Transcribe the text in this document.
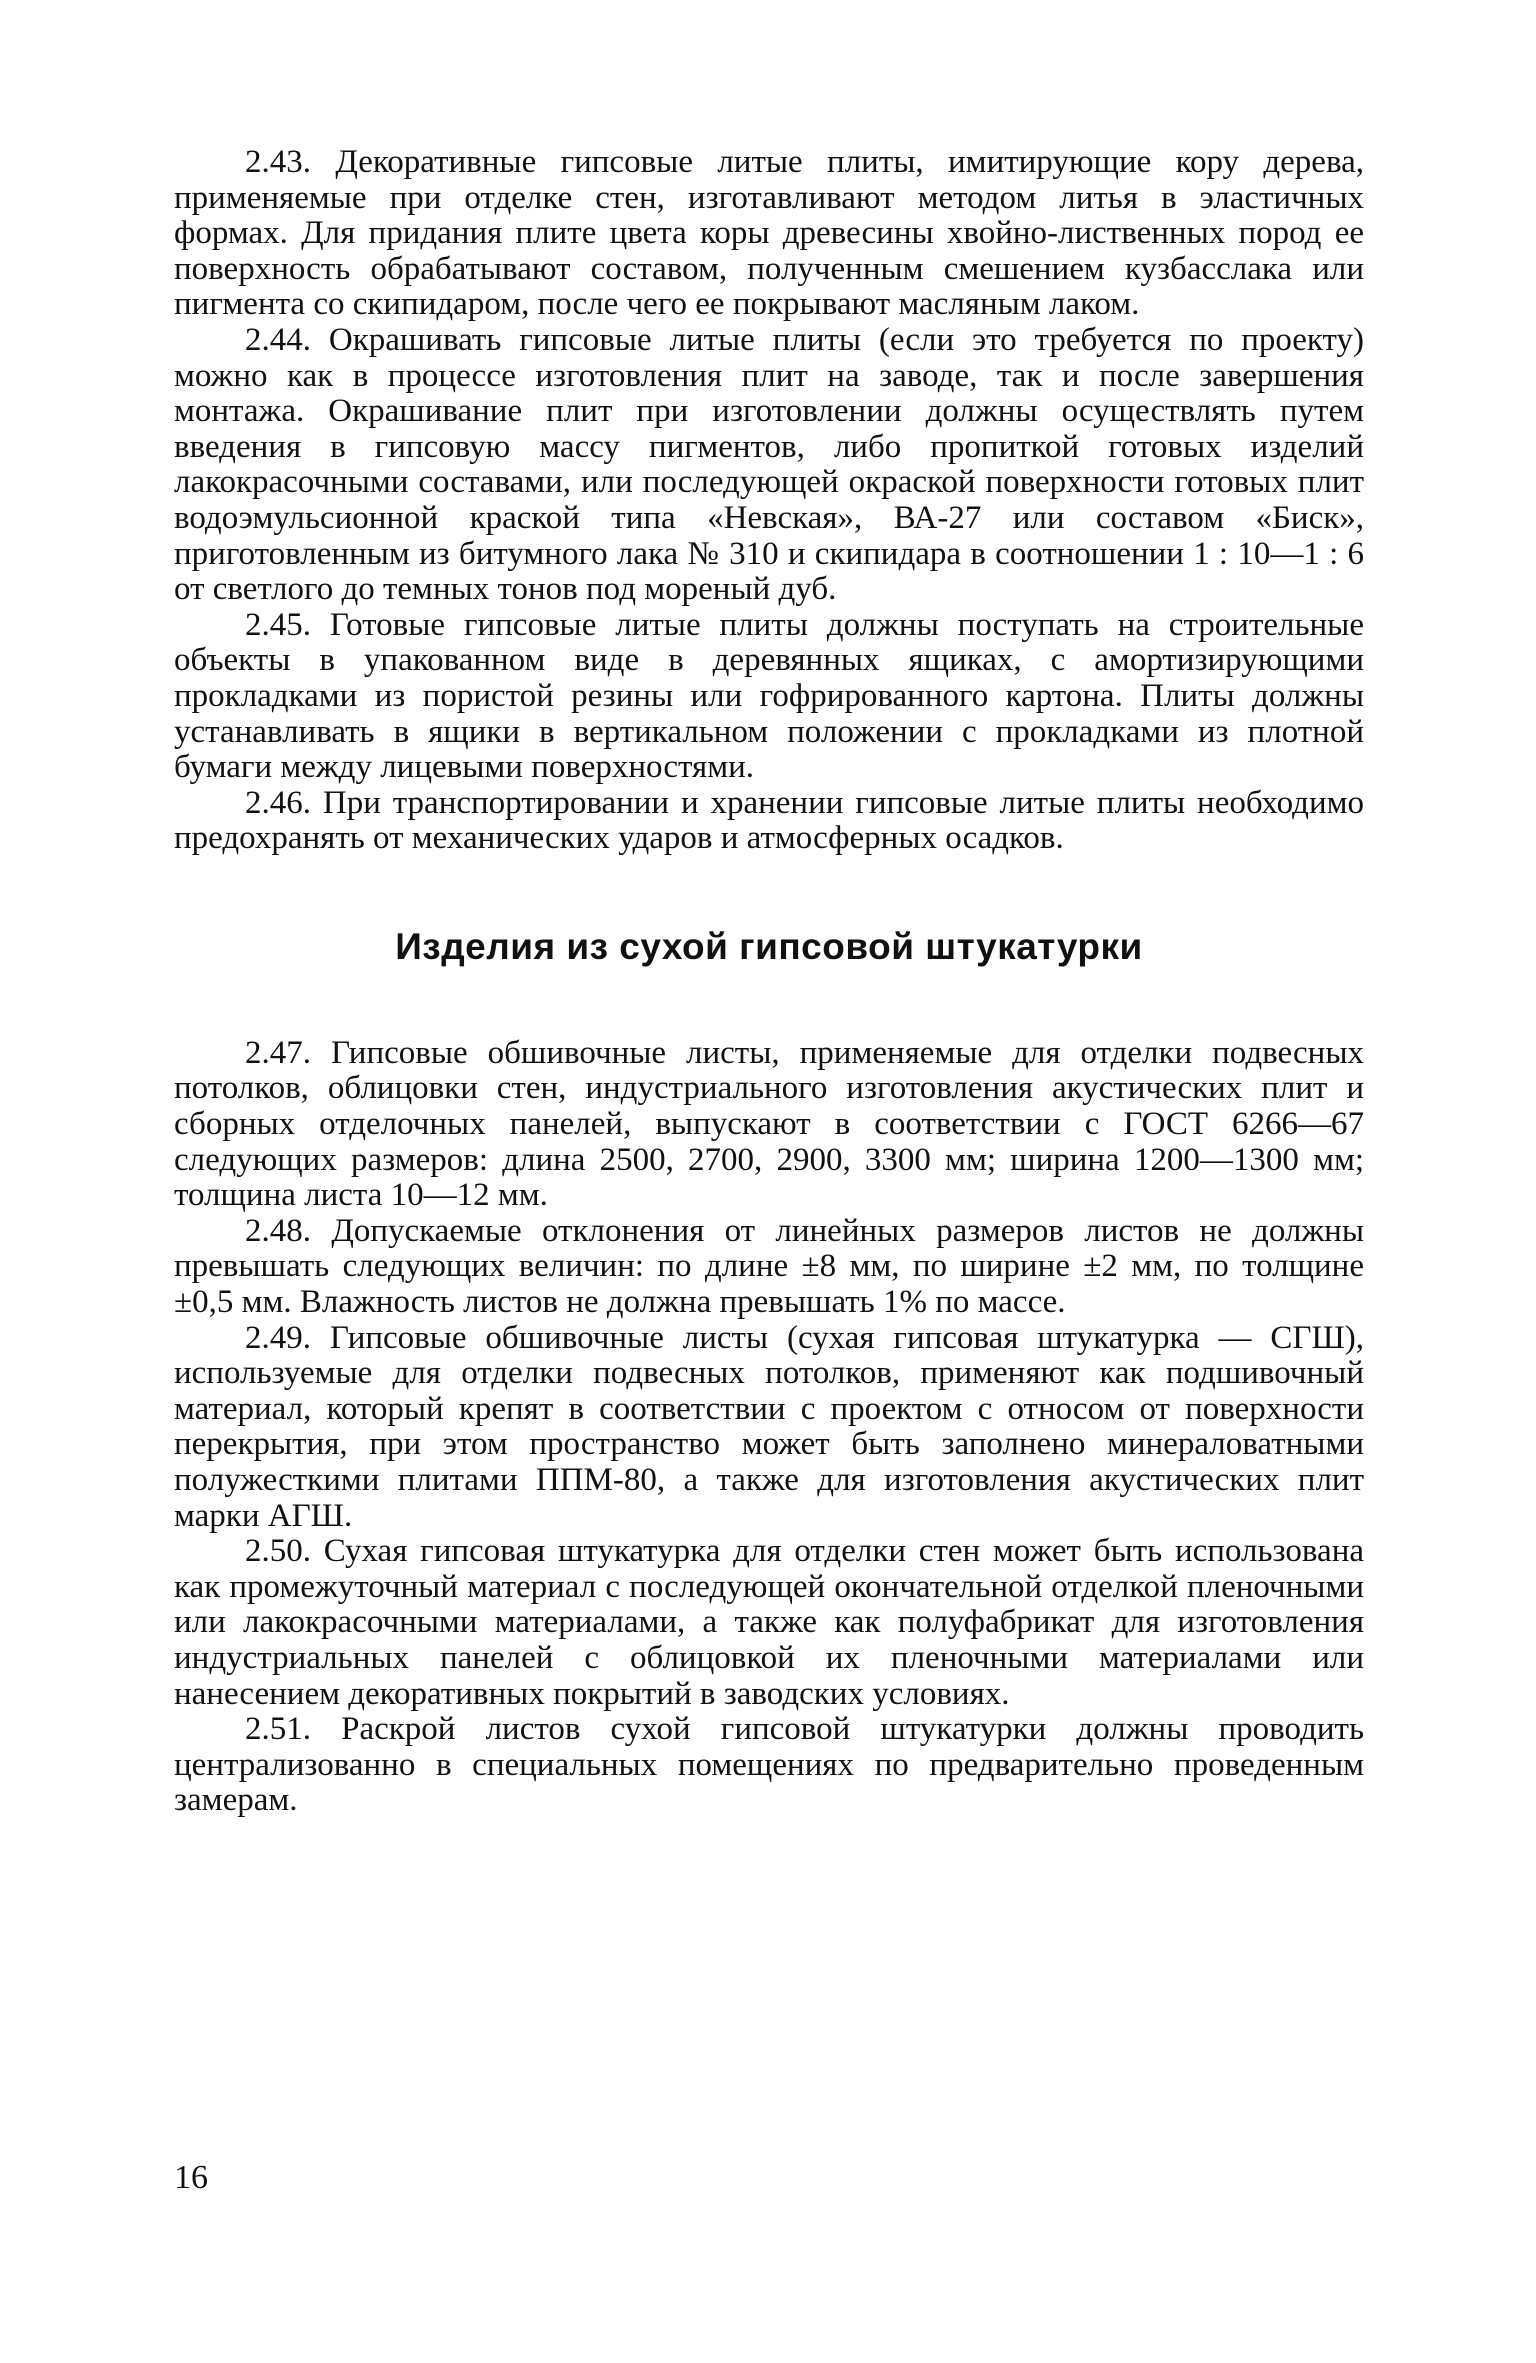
2.43. Декоративные гипсовые литые плиты, имитирующие кору дерева, применяемые при отделке стен, изготавливают методом литья в эластичных формах. Для придания плите цвета коры древесины хвойно-лиственных пород ее поверхность обрабатывают составом, полученным смешением кузбасслака или пигмента со скипидаром, после чего ее покрывают масляным лаком.

2.44. Окрашивать гипсовые литые плиты (если это требуется по проекту) можно как в процессе изготовления плит на заводе, так и после завершения монтажа. Окрашивание плит при изготовлении должны осуществлять путем введения в гипсовую массу пигментов, либо пропиткой готовых изделий лакокрасочными составами, или последующей окраской поверхности готовых плит водоэмульсионной краской типа «Невская», ВА-27 или составом «Биск», приготовленным из битумного лака № 310 и скипидара в соотношении 1 : 10—1 : 6 от светлого до темных тонов под мореный дуб.

2.45. Готовые гипсовые литые плиты должны поступать на строительные объекты в упакованном виде в деревянных ящиках, с амортизирующими прокладками из пористой резины или гофрированного картона. Плиты должны устанавливать в ящики в вертикальном положении с прокладками из плотной бумаги между лицевыми поверхностями.

2.46. При транспортировании и хранении гипсовые литые плиты необходимо предохранять от механических ударов и атмосферных осадков.

Изделия из сухой гипсовой штукатурки

2.47. Гипсовые обшивочные листы, применяемые для отделки подвесных потолков, облицовки стен, индустриального изготовления акустических плит и сборных отделочных панелей, выпускают в соответствии с ГОСТ 6266—67 следующих размеров: длина 2500, 2700, 2900, 3300 мм; ширина 1200—1300 мм; толщина листа 10—12 мм.

2.48. Допускаемые отклонения от линейных размеров листов не должны превышать следующих величин: по длине ±8 мм, по ширине ±2 мм, по толщине ±0,5 мм. Влажность листов не должна превышать 1% по массе.

2.49. Гипсовые обшивочные листы (сухая гипсовая штукатурка — СГШ), используемые для отделки подвесных потолков, применяют как подшивочный материал, который крепят в соответствии с проектом с относом от поверхности перекрытия, при этом пространство может быть заполнено минераловатными полужесткими плитами ППМ-80, а также для изготовления акустических плит марки АГШ.

2.50. Сухая гипсовая штукатурка для отделки стен может быть использована как промежуточный материал с последующей окончательной отделкой пленочными или лакокрасочными материалами, а также как полуфабрикат для изготовления индустриальных панелей с облицовкой их пленочными материалами или нанесением декоративных покрытий в заводских условиях.

2.51. Раскрой листов сухой гипсовой штукатурки должны проводить централизованно в специальных помещениях по предварительно проведенным замерам.

16
